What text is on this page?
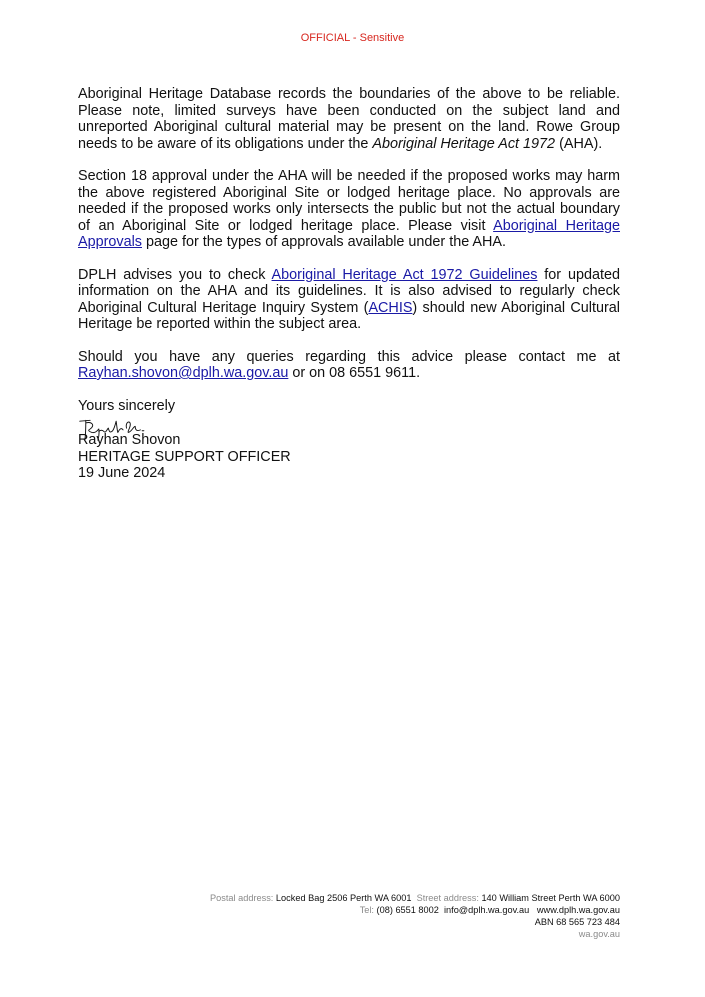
OFFICIAL - Sensitive

Aboriginal Heritage Database records the boundaries of the above to be reliable. Please note, limited surveys have been conducted on the subject land and unreported Aboriginal cultural material may be present on the land. Rowe Group needs to be aware of its obligations under the Aboriginal Heritage Act 1972 (AHA).

Section 18 approval under the AHA will be needed if the proposed works may harm the above registered Aboriginal Site or lodged heritage place. No approvals are needed if the proposed works only intersects the public but not the actual boundary of an Aboriginal Site or lodged heritage place. Please visit Aboriginal Heritage Approvals page for the types of approvals available under the AHA.

DPLH advises you to check Aboriginal Heritage Act 1972 Guidelines for updated information on the AHA and its guidelines. It is also advised to regularly check Aboriginal Cultural Heritage Inquiry System (ACHIS) should new Aboriginal Cultural Heritage be reported within the subject area.

Should you have any queries regarding this advice please contact me at Rayhan.shovon@dplh.wa.gov.au or on 08 6551 9611.

Yours sincerely

Rayhan Shovon

HERITAGE SUPPORT OFFICER

19 June 2024

Postal address: Locked Bag 2506 Perth WA 6001 Street address: 140 William Street Perth WA 6000
Tel: (08) 6551 8002 info@dplh.wa.gov.au www.dplh.wa.gov.au
ABN 68 565 723 484
wa.gov.au
